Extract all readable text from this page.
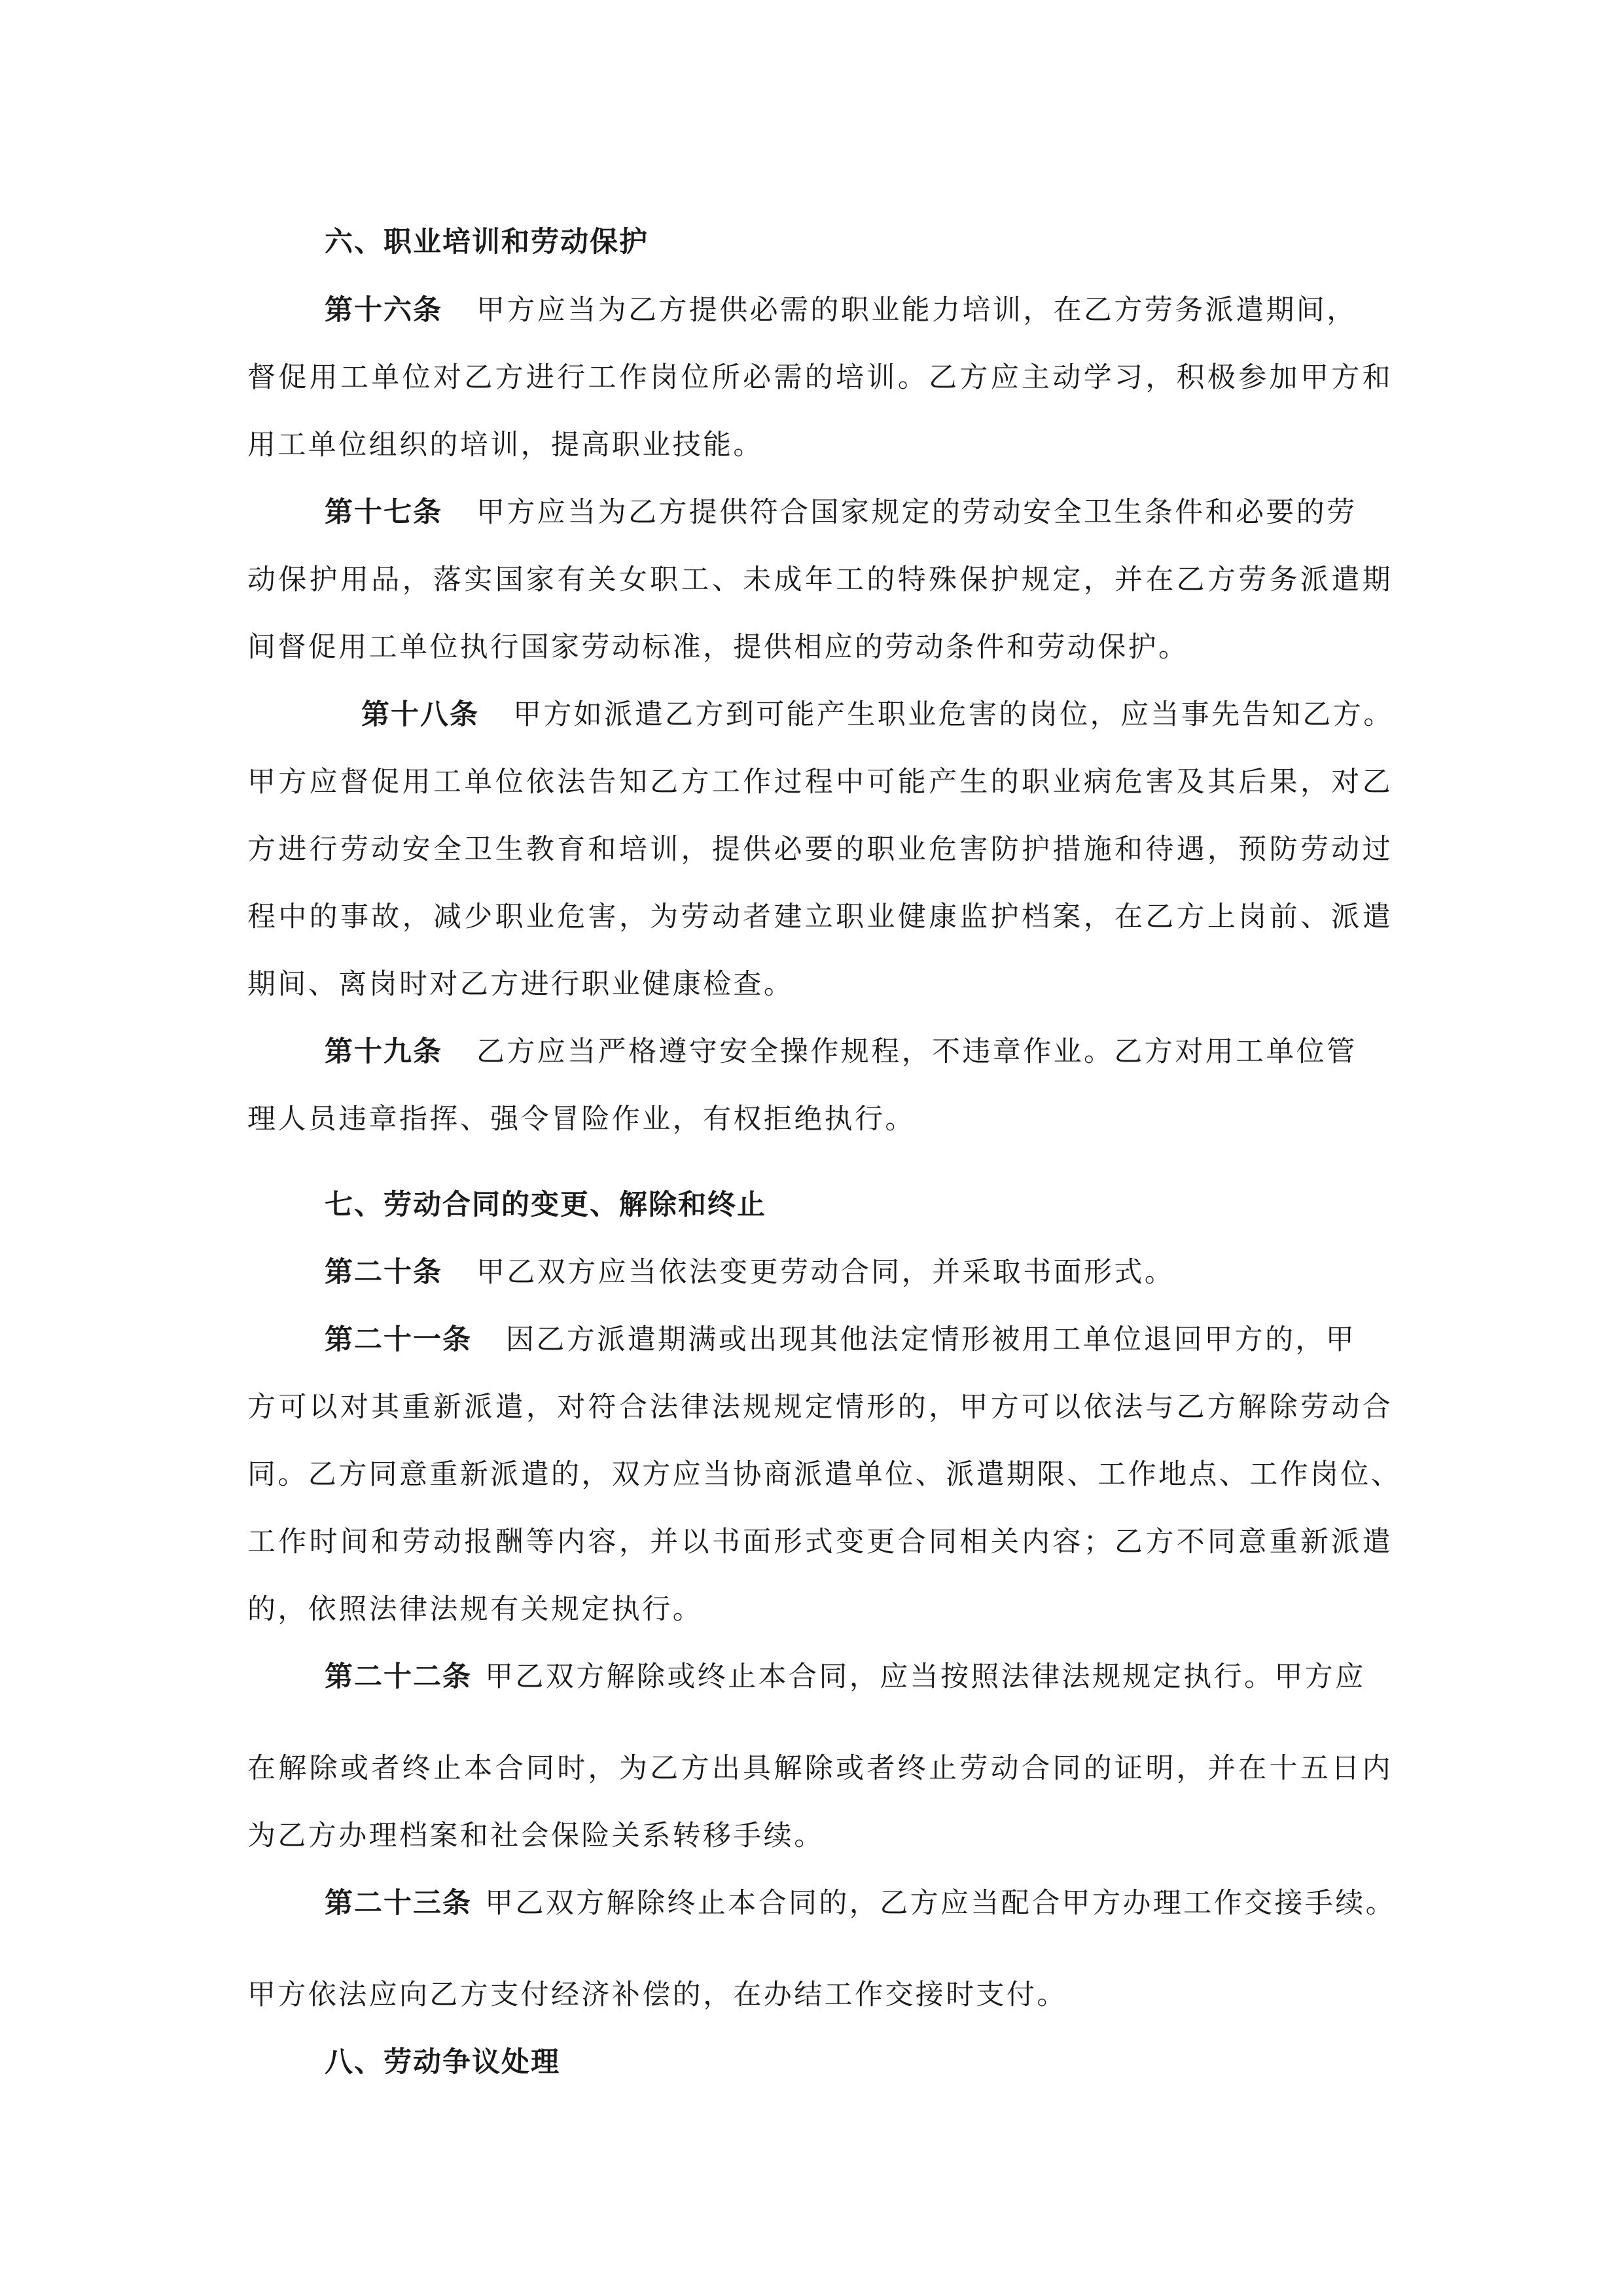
六、职业培训和劳动保护
第十六条 甲方应当为乙方提供必需的职业能力培训，在乙方劳务派遣期间，
督促用工单位对乙方进行工作岗位所必需的培训。乙方应主动学习，积极参加甲方和
用工单位组织的培训，提高职业技能。
第十七条 甲方应当为乙方提供符合国家规定的劳动安全卫生条件和必要的劳
动保护用品，落实国家有关女职工、未成年工的特殊保护规定，并在乙方劳务派遣期
间督促用工单位执行国家劳动标准，提供相应的劳动条件和劳动保护。
第十八条 甲方如派遣乙方到可能产生职业危害的岗位，应当事先告知乙方。
甲方应督促用工单位依法告知乙方工作过程中可能产生的职业病危害及其后果，对乙
方进行劳动安全卫生教育和培训，提供必要的职业危害防护措施和待遇，预防劳动过
程中的事故，减少职业危害，为劳动者建立职业健康监护档案，在乙方上岗前、派遣
期间、离岗时对乙方进行职业健康检查。
第十九条 乙方应当严格遵守安全操作规程，不违章作业。乙方对用工单位管
理人员违章指挥、强令冒险作业，有权拒绝执行。
七、劳动合同的变更、解除和终止
第二十条 甲乙双方应当依法变更劳动合同，并采取书面形式。
第二十一条 因乙方派遣期满或出现其他法定情形被用工单位退回甲方的，甲
方可以对其重新派遣，对符合法律法规规定情形的，甲方可以依法与乙方解除劳动合
同。乙方同意重新派遣的，双方应当协商派遣单位、派遣期限、工作地点、工作岗位、
工作时间和劳动报酬等内容，并以书面形式变更合同相关内容；乙方不同意重新派遣
的，依照法律法规有关规定执行。
第二十二条 甲乙双方解除或终止本合同，应当按照法律法规规定执行。甲方应
在解除或者终止本合同时，为乙方出具解除或者终止劳动合同的证明，并在十五日内
为乙方办理档案和社会保险关系转移手续。
第二十三条 甲乙双方解除终止本合同的，乙方应当配合甲方办理工作交接手续。
甲方依法应向乙方支付经济补偿的，在办结工作交接时支付。
八、劳动争议处理
